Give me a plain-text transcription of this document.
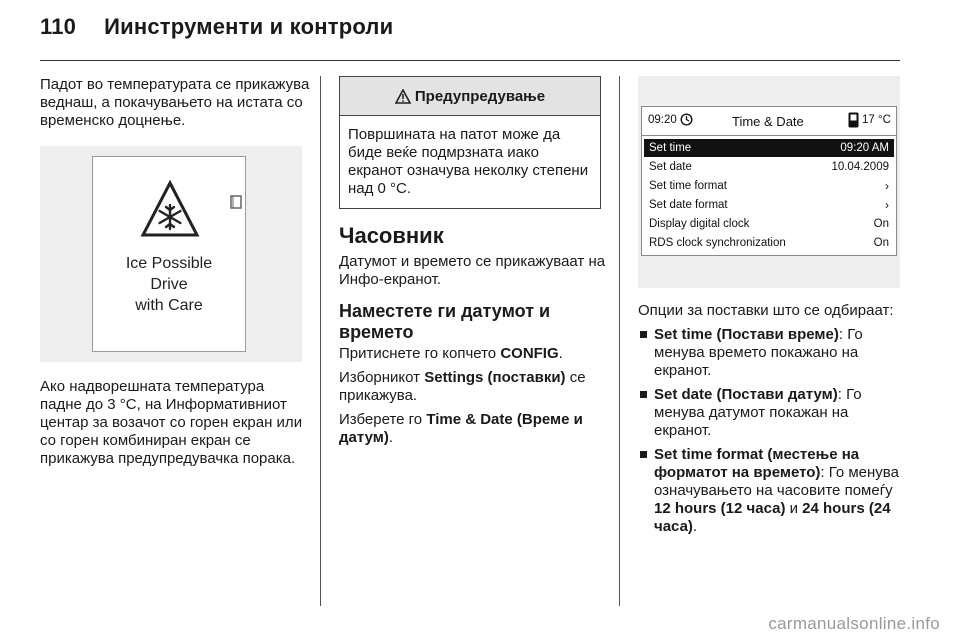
110 Иинструменти и контроли

Падот во температурата се прикажува веднаш, а покачувањето на истата со временско доцнење.

Ice Possible
Drive
with Care

Ако надворешната температура падне до 3 °C, на Информативниот центар за возачот со горен екран или со горен комбиниран екран се прикажува предупредувачка порака.

Предупредување
Површината на патот може да биде веќе подмрзната иако екранот означува неколку степени над 0 °C.
Часовник

Датумот и времето се прикажуваат на Инфо-екранот.

Наместете ги датумот и времето

Притиснете го копчето CONFIG.

Изборникот Settings (поставки) се прикажува.

Изберете го Time & Date (Време и датум).

09:20	Time & Date	17 °C
Set time	09:20 AM
Set date	10.04.2009
Set time format	›
Set date format	›
Display digital clock	On
RDS clock synchronization	On

Опции за поставки што се одбираат:

Set time (Постави време): Го менува времето покажано на екранот.
Set date (Постави датум): Го менува датумот покажан на екранот.
Set time format (местење на форматот на времето): Го менува означувањето на часовите помеѓу 12 hours (12 часа) и 24 hours (24 часа).
carmanualsonline.info
